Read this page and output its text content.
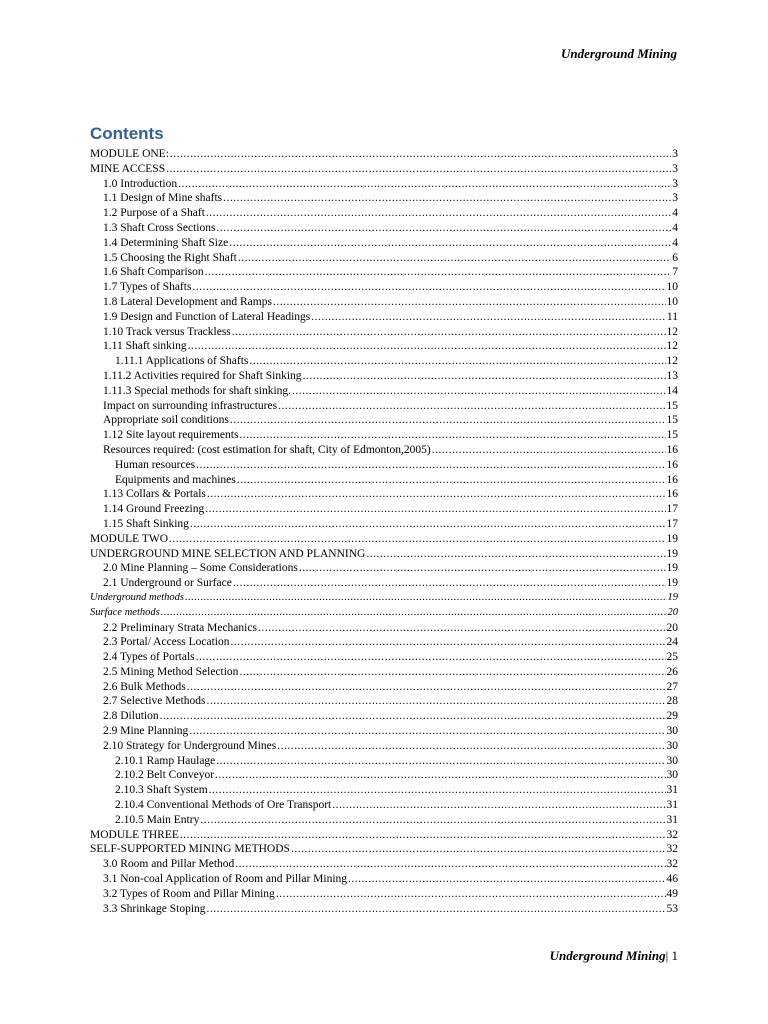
Underground Mining
Contents
MODULE ONE: .....	3
MINE ACCESS .....	3
1.0 Introduction .....	3
1.1 Design of Mine shafts .....	3
1.2 Purpose of a Shaft .....	4
1.3 Shaft Cross Sections .....	4
1.4 Determining Shaft Size .....	4
1.5 Choosing the Right Shaft .....	6
1.6 Shaft Comparison .....	7
1.7 Types of Shafts .....	10
1.8 Lateral Development and Ramps .....	10
1.9 Design and Function of Lateral Headings .....	11
1.10 Track versus Trackless .....	12
1.11 Shaft sinking .....	12
1.11.1 Applications of Shafts .....	12
1.11.2 Activities required for Shaft Sinking .....	13
1.11.3 Special methods for shaft sinking. .....	14
Impact on surrounding infrastructures .....	15
Appropriate soil conditions .....	15
1.12 Site layout requirements .....	15
Resources required: (cost estimation for shaft, City of Edmonton,2005) .....	16
Human resources .....	16
Equipments and machines .....	16
1.13 Collars & Portals .....	16
1.14 Ground Freezing .....	17
1.15 Shaft Sinking .....	17
MODULE TWO .....	19
UNDERGROUND MINE SELECTION AND PLANNING .....	19
2.0 Mine Planning – Some Considerations .....	19
2.1 Underground or Surface .....	19
Underground methods .....	19
Surface methods .....	20
2.2 Preliminary Strata Mechanics .....	20
2.3 Portal/ Access Location .....	24
2.4 Types of Portals .....	25
2.5 Mining Method Selection .....	26
2.6 Bulk Methods .....	27
2.7 Selective Methods .....	28
2.8 Dilution .....	29
2.9 Mine Planning .....	30
2.10 Strategy for Underground Mines .....	30
2.10.1 Ramp Haulage .....	30
2.10.2 Belt Conveyor .....	30
2.10.3 Shaft System .....	31
2.10.4 Conventional Methods of Ore Transport .....	31
2.10.5 Main Entry .....	31
MODULE THREE .....	32
SELF-SUPPORTED MINING METHODS .....	32
3.0 Room and Pillar Method .....	32
3.1 Non-coal Application of Room and Pillar Mining .....	46
3.2 Types of Room and Pillar Mining .....	49
3.3 Shrinkage Stoping .....	53
Underground Mining| 1
